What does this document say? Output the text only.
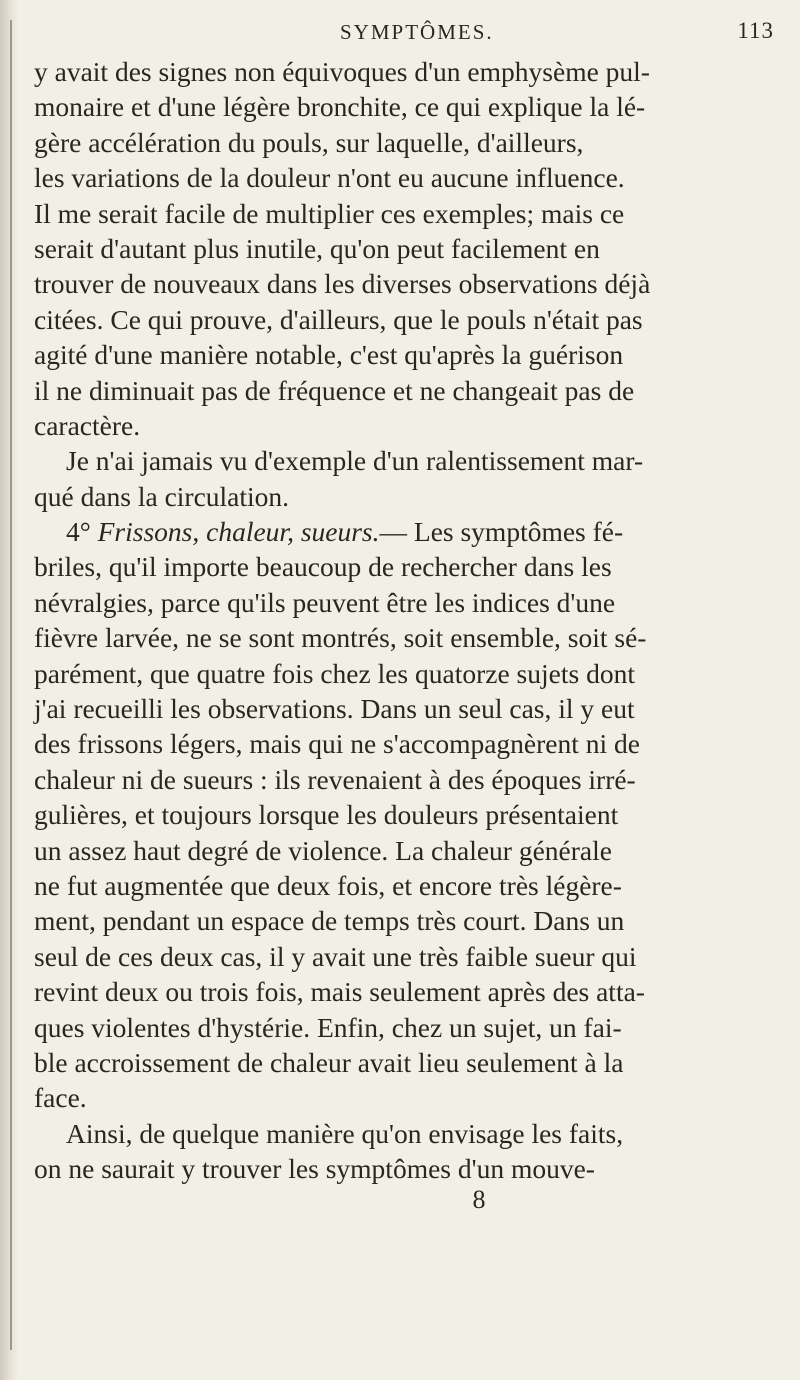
SYMPTÔMES.	113
y avait des signes non équivoques d'un emphysème pul-
monaire et d'une légère bronchite, ce qui explique la lé-
gère accélération du pouls, sur laquelle, d'ailleurs,
les variations de la douleur n'ont eu aucune influence.
Il me serait facile de multiplier ces exemples; mais ce
serait d'autant plus inutile, qu'on peut facilement en
trouver de nouveaux dans les diverses observations déjà
citées. Ce qui prouve, d'ailleurs, que le pouls n'était pas
agité d'une manière notable, c'est qu'après la guérison
il ne diminuait pas de fréquence et ne changeait pas de
caractère.
Je n'ai jamais vu d'exemple d'un ralentissement mar-
qué dans la circulation.
4° Frissons, chaleur, sueurs.— Les symptômes fé-
briles, qu'il importe beaucoup de rechercher dans les
névralgies, parce qu'ils peuvent être les indices d'une
fièvre larvée, ne se sont montrés, soit ensemble, soit sé-
parément, que quatre fois chez les quatorze sujets dont
j'ai recueilli les observations. Dans un seul cas, il y eut
des frissons légers, mais qui ne s'accompagnèrent ni de
chaleur ni de sueurs : ils revenaient à des époques irré-
gulières, et toujours lorsque les douleurs présentaient
un assez haut degré de violence. La chaleur générale
ne fut augmentée que deux fois, et encore très légère-
ment, pendant un espace de temps très court. Dans un
seul de ces deux cas, il y avait une très faible sueur qui
revint deux ou trois fois, mais seulement après des atta-
ques violentes d'hystérie. Enfin, chez un sujet, un fai-
ble accroissement de chaleur avait lieu seulement à la
face.
Ainsi, de quelque manière qu'on envisage les faits,
on ne saurait y trouver les symptômes d'un mouve-
8
